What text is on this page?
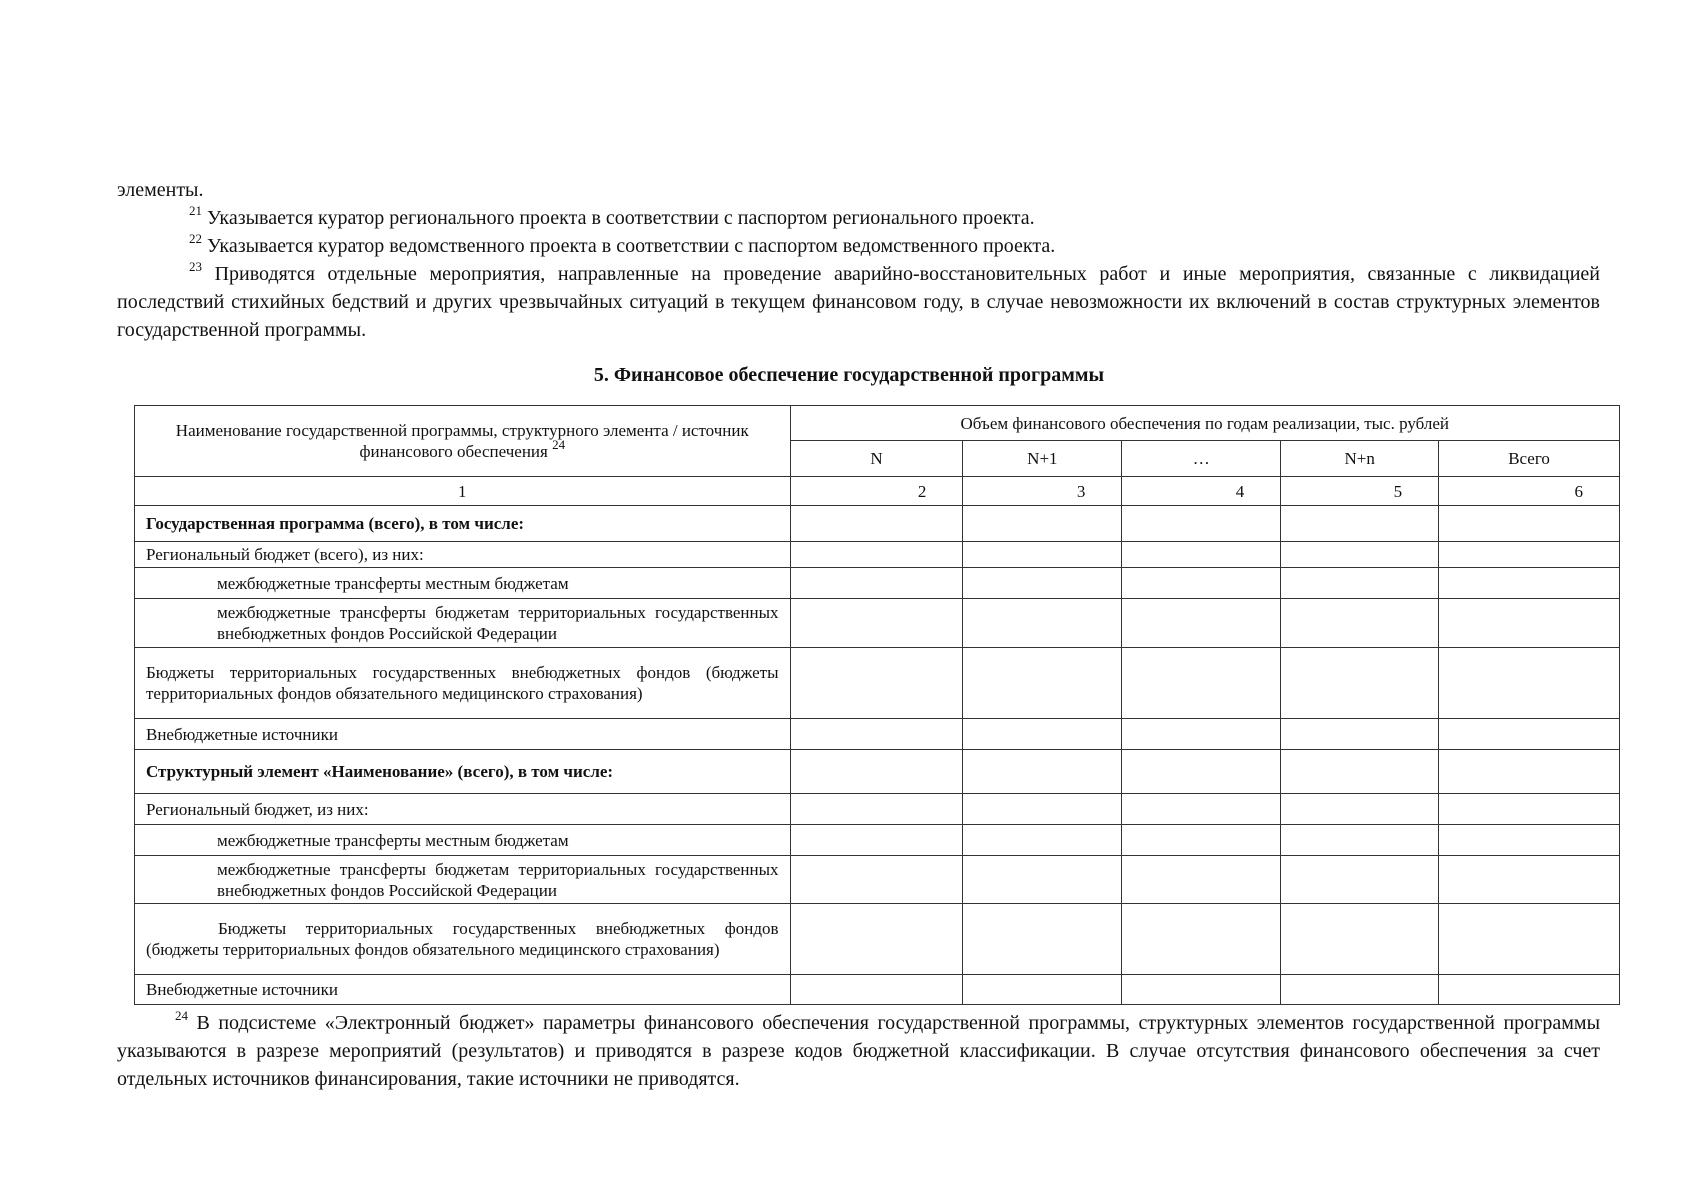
элементы.

$^{21}$ Указывается куратор регионального проекта в соответствии с паспортом регионального проекта.

$^{22}$ Указывается куратор ведомственного проекта в соответствии с паспортом ведомственного проекта.

$^{23}$ Приводятся отдельные мероприятия, направленные на проведение аварийно-восстановительных работ и иные мероприятия, связанные с ликвидацией последствий стихийных бедствий и других чрезвычайных ситуаций в текущем финансовом году, в случае невозможности их включений в состав структурных элементов государственной программы.

5. Финансовое обеспечение государственной программы
Наименование государственной программы, структурного элемента / источник финансового обеспечения $^{24}$	Объем финансового обеспечения по годам реализации, тыс. рублей				
	N	N+1	…	N+n	Всего
1	2	3	4	5	6
Государственная программа (всего), в том числе:					
Региональный бюджет (всего), из них:					
межбюджетные трансферты местным бюджетам					
межбюджетные трансферты бюджетам территориальных государственных внебюджетных фондов Российской Федерации					
Бюджеты территориальных государственных внебюджетных фондов (бюджеты территориальных фондов обязательного медицинского страхования)					
Внебюджетные источники					
Структурный элемент «Наименование» (всего), в том числе:					
Региональный бюджет, из них:					
межбюджетные трансферты местным бюджетам					
межбюджетные трансферты бюджетам территориальных государственных внебюджетных фондов Российской Федерации					
Бюджеты территориальных государственных внебюджетных фондов (бюджеты территориальных фондов обязательного медицинского страхования)					
Внебюджетные источники					

$^{24}$ В подсистеме «Электронный бюджет» параметры финансового обеспечения государственной программы, структурных элементов государственной программы указываются в разрезе мероприятий (результатов) и приводятся в разрезе кодов бюджетной классификации. В случае отсутствия финансового обеспечения за счет отдельных источников финансирования, такие источники не приводятся.
